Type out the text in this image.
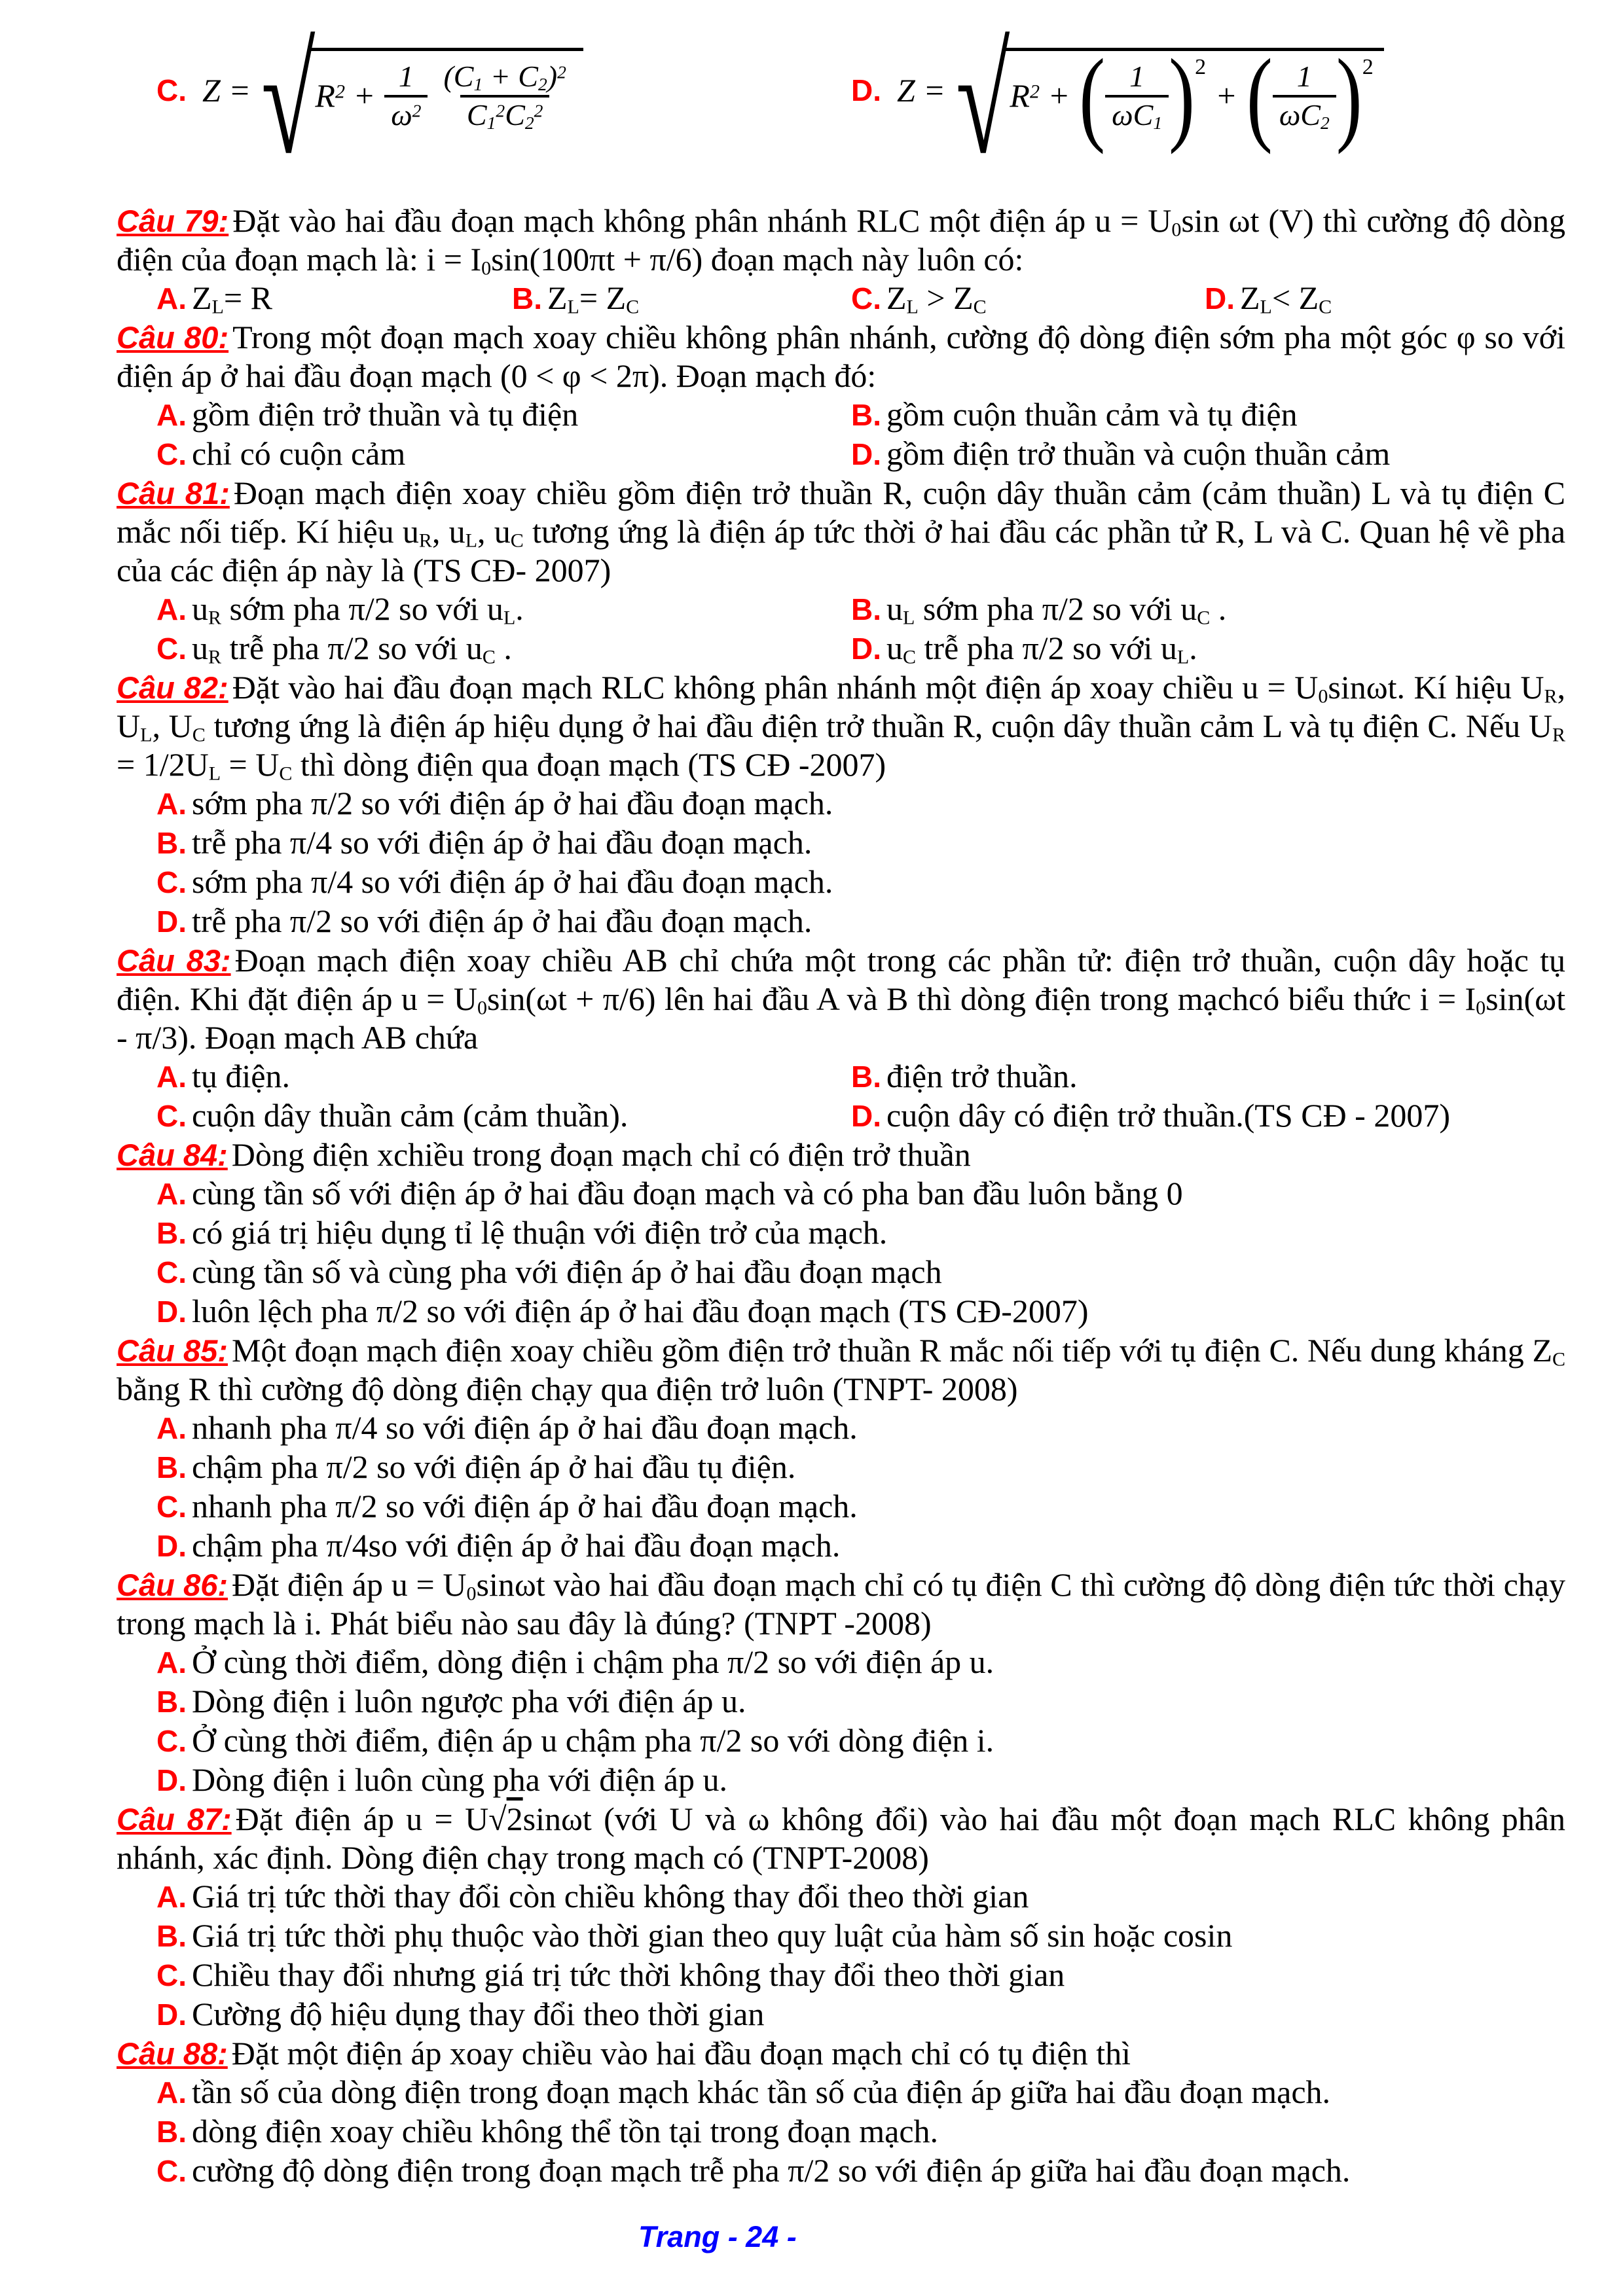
C. Z = √ $R^2 + \frac{1}{\omega^2} \frac{(C_1 + C_2)^2}{C_1^2C_2^2}$	D. Z = √ $R^2$ + ( $\frac{1}{\omega C_1}$ ) 2
+ ( $\frac{1}{\omega C_2}$ ) 2

Câu 79: Đặt vào hai đầu đoạn mạch không phân nhánh RLC một điện áp $u = U_0\sin$ ωt (V) thì cường độ dòng điện của đoạn mạch là: $i = I_0\sin(100\pi t + \pi/6)$ đoạn mạch này luôn có:

A. $Z_L= R$	B. $Z_L= Z_C$	C. $Z_L > Z_C$	D. $Z_L< Z_C$

Câu 80: Trong một đoạn mạch xoay chiều không phân nhánh, cường độ dòng điện sớm pha một góc φ so với điện áp ở hai đầu đoạn mạch (0 < φ < 2π). Đoạn mạch đó:

A. gồm điện trở thuần và tụ điện	B. gồm cuộn thuần cảm và tụ điện
C. chỉ có cuộn cảm	D. gồm điện trở thuần và cuộn thuần cảm

Câu 81: Đoạn mạch điện xoay chiều gồm điện trở thuần R, cuộn dây thuần cảm (cảm thuần) L và tụ điện C mắc nối tiếp. Kí hiệu $u_R$, $u_L$, $u_C$ tương ứng là điện áp tức thời ở hai đầu các phần tử R, L và C. Quan hệ về pha của các điện áp này là (TS CĐ- 2007)

A. $u_R$ sớm pha π/2 so với $u_L$.	B. $u_L$ sớm pha π/2 so với $u_C$ .
C. $u_R$ trễ pha π/2 so với $u_C$ .	D. $u_C$ trễ pha π/2 so với $u_L$.

Câu 82: Đặt vào hai đầu đoạn mạch RLC không phân nhánh một điện áp xoay chiều $u = U_0\sin\omega t$. Kí hiệu $U_R$, $U_L$, $U_C$ tương ứng là điện áp hiệu dụng ở hai đầu điện trở thuần R, cuộn dây thuần cảm L và tụ điện C. Nếu $U_R = 1/2U_L = U_C$ thì dòng điện qua đoạn mạch (TS CĐ -2007)

A. sớm pha π/2 so với điện áp ở hai đầu đoạn mạch.
B. trễ pha π/4 so với điện áp ở hai đầu đoạn mạch.
C. sớm pha π/4 so với điện áp ở hai đầu đoạn mạch.
D. trễ pha π/2 so với điện áp ở hai đầu đoạn mạch.

Câu 83: Đoạn mạch điện xoay chiều AB chỉ chứa một trong các phần tử: điện trở thuần, cuộn dây hoặc tụ điện. Khi đặt điện áp $u = U_0\sin(\omega t + \pi/6)$ lên hai đầu A và B thì dòng điện trong mạchcó biểu thức $i = I_0\sin(\omega t - \pi/3)$. Đoạn mạch AB chứa

A. tụ điện.	B. điện trở thuần.
C. cuộn dây thuần cảm (cảm thuần).	D. cuộn dây có điện trở thuần.(TS CĐ - 2007)

Câu 84: Dòng điện xchiều trong đoạn mạch chỉ có điện trở thuần

A. cùng tần số với điện áp ở hai đầu đoạn mạch và có pha ban đầu luôn bằng 0
B. có giá trị hiệu dụng tỉ lệ thuận với điện trở của mạch.
C. cùng tần số và cùng pha với điện áp ở hai đầu đoạn mạch
D. luôn lệch pha π/2 so với điện áp ở hai đầu đoạn mạch (TS CĐ-2007)

Câu 85: Một đoạn mạch điện xoay chiều gồm điện trở thuần R mắc nối tiếp với tụ điện C. Nếu dung kháng $Z_C$ bằng R thì cường độ dòng điện chạy qua điện trở luôn (TNPT- 2008)

A. nhanh pha π/4 so với điện áp ở hai đầu đoạn mạch.
B. chậm pha π/2 so với điện áp ở hai đầu tụ điện.
C. nhanh pha π/2 so với điện áp ở hai đầu đoạn mạch.
D. chậm pha π/4so với điện áp ở hai đầu đoạn mạch.

Câu 86: Đặt điện áp $u = U_0\sin\omega t$ vào hai đầu đoạn mạch chỉ có tụ điện C thì cường độ dòng điện tức thời chạy trong mạch là i. Phát biểu nào sau đây là đúng? (TNPT -2008)

A. Ở cùng thời điểm, dòng điện i chậm pha π/2 so với điện áp u.
B. Dòng điện i luôn ngược pha với điện áp u.
C. Ở cùng thời điểm, điện áp u chậm pha π/2 so với dòng điện i.
D. Dòng điện i luôn cùng pha với điện áp u.

Câu 87: Đặt điện áp u = U√2sinωt (với U và ω không đổi) vào hai đầu một đoạn mạch RLC không phân nhánh, xác định. Dòng điện chạy trong mạch có (TNPT-2008)

A. Giá trị tức thời thay đổi còn chiều không thay đổi theo thời gian
B. Giá trị tức thời phụ thuộc vào thời gian theo quy luật của hàm số sin hoặc cosin
C. Chiều thay đổi nhưng giá trị tức thời không thay đổi theo thời gian
D. Cường độ hiệu dụng thay đổi theo thời gian

Câu 88: Đặt một điện áp xoay chiều vào hai đầu đoạn mạch chỉ có tụ điện thì

A. tần số của dòng điện trong đoạn mạch khác tần số của điện áp giữa hai đầu đoạn mạch.
B. dòng điện xoay chiều không thể tồn tại trong đoạn mạch.
C. cường độ dòng điện trong đoạn mạch trễ pha π/2 so với điện áp giữa hai đầu đoạn mạch.
Trang - 24 -
